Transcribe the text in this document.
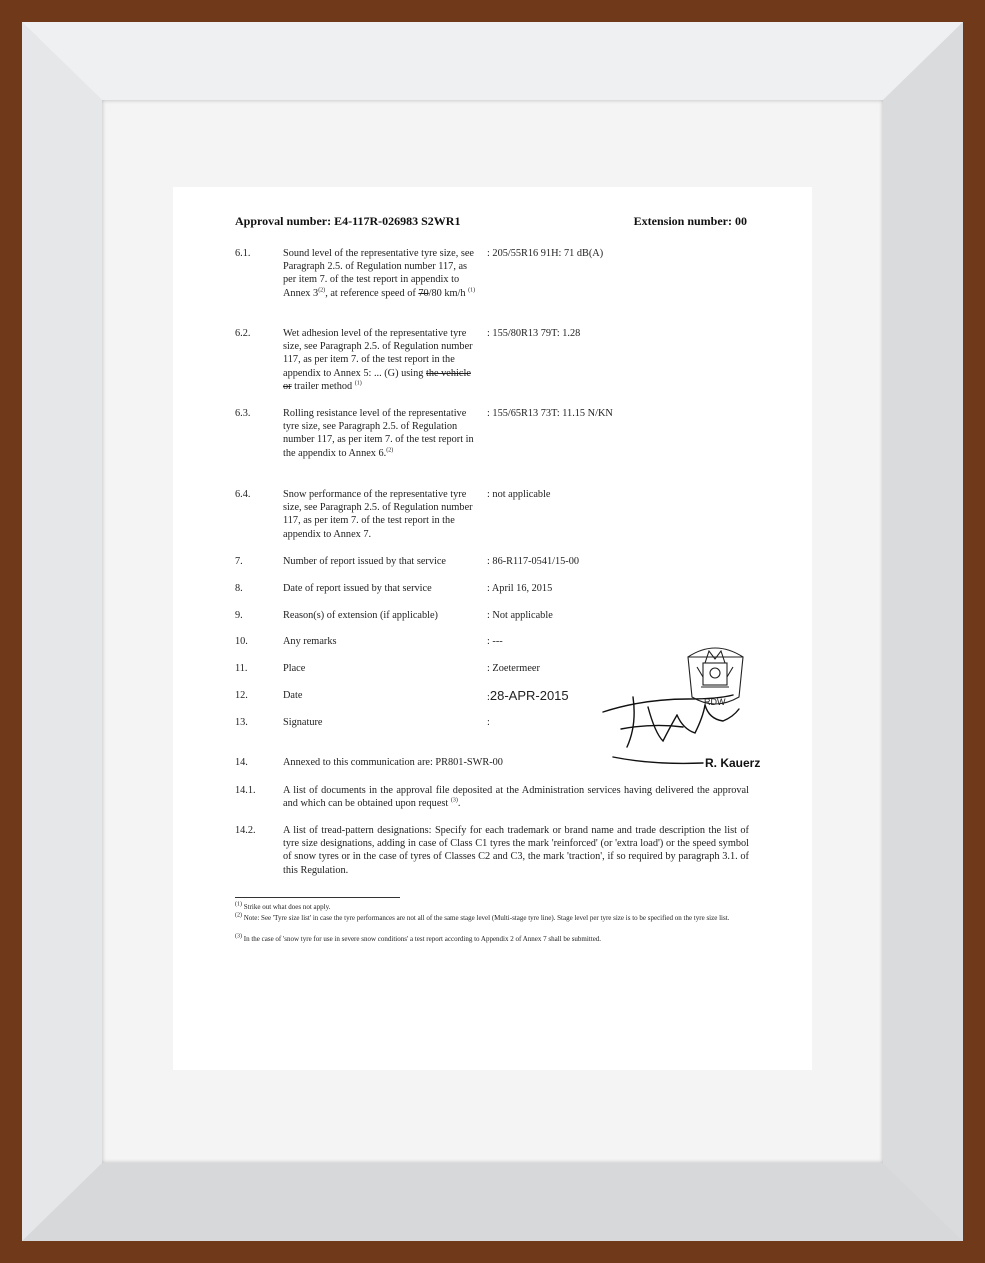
Approval number: E4-117R-026983 S2WR1	Extension number: 00
6.1.	Sound level of the representative tyre size, see Paragraph 2.5. of Regulation number 117, as per item 7. of the test report in appendix to Annex 3$^{(2)}$, at reference speed of 70/80 km/h $^{(1)}$
: 205/55R16 91H: 71 dB(A)
6.2.	Wet adhesion level of the representative tyre size, see Paragraph 2.5. of Regulation number 117, as per item 7. of the test report in the appendix to Annex 5: ... (G) using the vehicle or trailer method $^{(1)}$
: 155/80R13 79T: 1.28
6.3.	Rolling resistance level of the representative tyre size, see Paragraph 2.5. of Regulation number 117, as per item 7. of the test report in the appendix to Annex 6.$^{(2)}$
: 155/65R13 73T: 11.15 N/KN
6.4.	Snow performance of the representative tyre size, see Paragraph 2.5. of Regulation number 117, as per item 7. of the test report in the appendix to Annex 7.
: not applicable
7.	Number of report issued by that service	: 86-R117-0541/15-00
8.	Date of report issued by that service	: April 16, 2015
9.	Reason(s) of extension (if applicable)	: Not applicable
10.	Any remarks	: ---
11.	Place	: Zoetermeer
12.	Date	:28-APR-2015
13.	Signature	:
14.	Annexed to this communication are: PR801-SWR-00
14.1.	A list of documents in the approval file deposited at the Administration services having delivered the approval and which can be obtained upon request $^{(3)}$.
14.2.	A list of tread-pattern designations: Specify for each trademark or brand name and trade description the list of tyre size designations, adding in case of Class C1 tyres the mark 'reinforced' (or 'extra load') or the speed symbol of snow tyres or in the case of tyres of Classes C2 and C3, the mark 'traction', if so required by paragraph 3.1. of this Regulation.
$^{(1)}$ Strike out what does not apply.
$^{(2)}$ Note: See 'Tyre size list' in case the tyre performances are not all of the same stage level (Multi-stage tyre line). Stage level per tyre size is to be specified on the tyre size list.
$^{(3)}$ In the case of 'snow tyre for use in severe snow conditions' a test report according to Appendix 2 of Annex 7 shall be submitted.
RDW
R. Kauerz
